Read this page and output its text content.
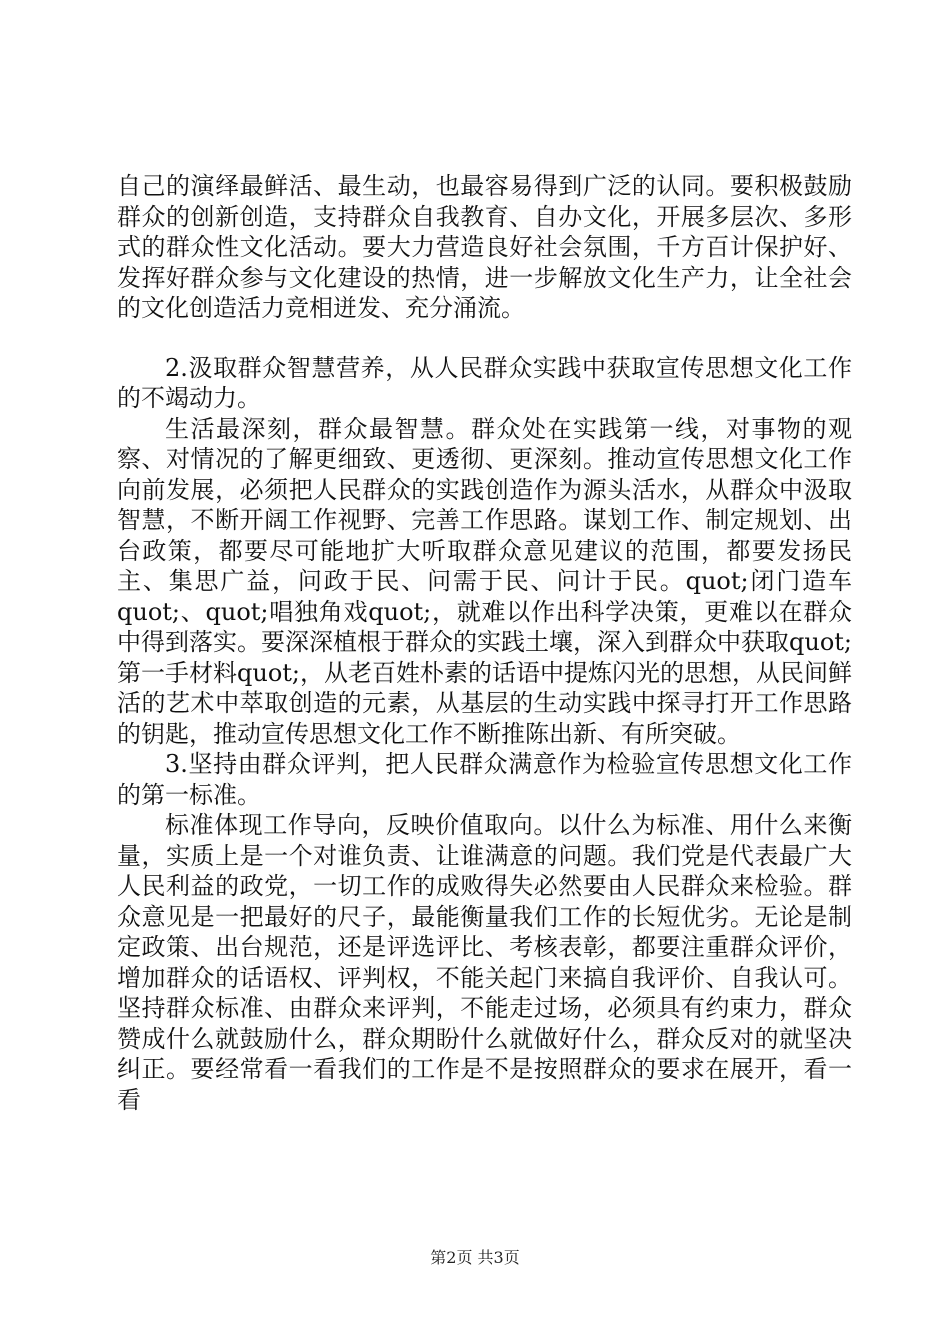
自己的演绎最鲜活、最生动，也最容易得到广泛的认同。要积极鼓励群众的创新创造，支持群众自我教育、自办文化，开展多层次、多形式的群众性文化活动。要大力营造良好社会氛围，千方百计保护好、发挥好群众参与文化建设的热情，进一步解放文化生产力，让全社会的文化创造活力竞相迸发、充分涌流。

2.汲取群众智慧营养，从人民群众实践中获取宣传思想文化工作的不竭动力。

生活最深刻，群众最智慧。群众处在实践第一线，对事物的观察、对情况的了解更细致、更透彻、更深刻。推动宣传思想文化工作向前发展，必须把人民群众的实践创造作为源头活水，从群众中汲取智慧，不断开阔工作视野、完善工作思路。谋划工作、制定规划、出台政策，都要尽可能地扩大听取群众意见建议的范围，都要发扬民主、集思广益，问政于民、问需于民、问计于民。quot;闭门造车quot;、quot;唱独角戏quot;，就难以作出科学决策，更难以在群众中得到落实。要深深植根于群众的实践土壤，深入到群众中获取quot;第一手材料quot;，从老百姓朴素的话语中提炼闪光的思想，从民间鲜活的艺术中萃取创造的元素，从基层的生动实践中探寻打开工作思路的钥匙，推动宣传思想文化工作不断推陈出新、有所突破。

3.坚持由群众评判，把人民群众满意作为检验宣传思想文化工作的第一标准。

标准体现工作导向，反映价值取向。以什么为标准、用什么来衡量，实质上是一个对谁负责、让谁满意的问题。我们党是代表最广大人民利益的政党，一切工作的成败得失必然要由人民群众来检验。群众意见是一把最好的尺子，最能衡量我们工作的长短优劣。无论是制定政策、出台规范，还是评选评比、考核表彰，都要注重群众评价，增加群众的话语权、评判权，不能关起门来搞自我评价、自我认可。坚持群众标准、由群众来评判，不能走过场，必须具有约束力，群众赞成什么就鼓励什么，群众期盼什么就做好什么，群众反对的就坚决纠正。要经常看一看我们的工作是不是按照群众的要求在展开，看一看

第2页 共3页
